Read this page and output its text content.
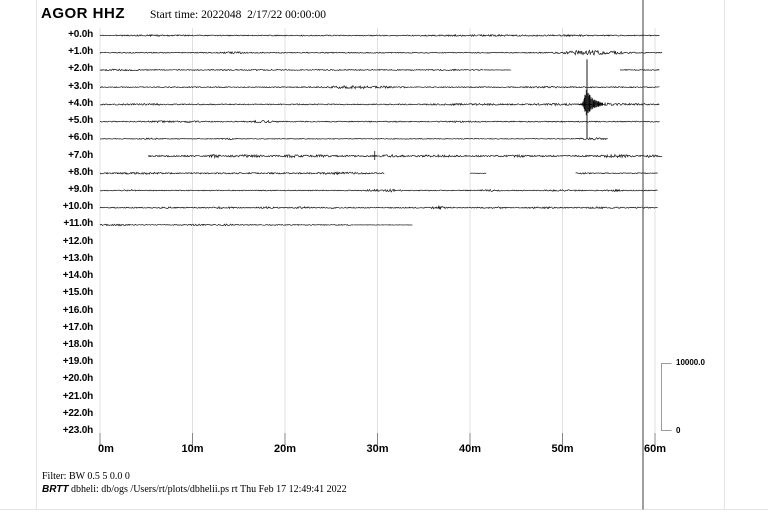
AGOR HHZ Start time: 2022048  2/17/22 00:00:00
+0.0h
+1.0h
+2.0h
+3.0h
+4.0h
+5.0h
+6.0h
+7.0h
+8.0h
+9.0h
+10.0h
+11.0h
+12.0h
+13.0h
+14.0h
+15.0h
+16.0h
+17.0h
+18.0h
+19.0h
+20.0h
+21.0h
+22.0h
+23.0h
0m	10m	20m	30m	40m	50m	60m
10000.0
0
Filter: BW 0.5 5 0.0 0
BRTT dbheli: db/ogs /Users/rt/plots/dbhelii.ps rt Thu Feb 17 12:49:41 2022
